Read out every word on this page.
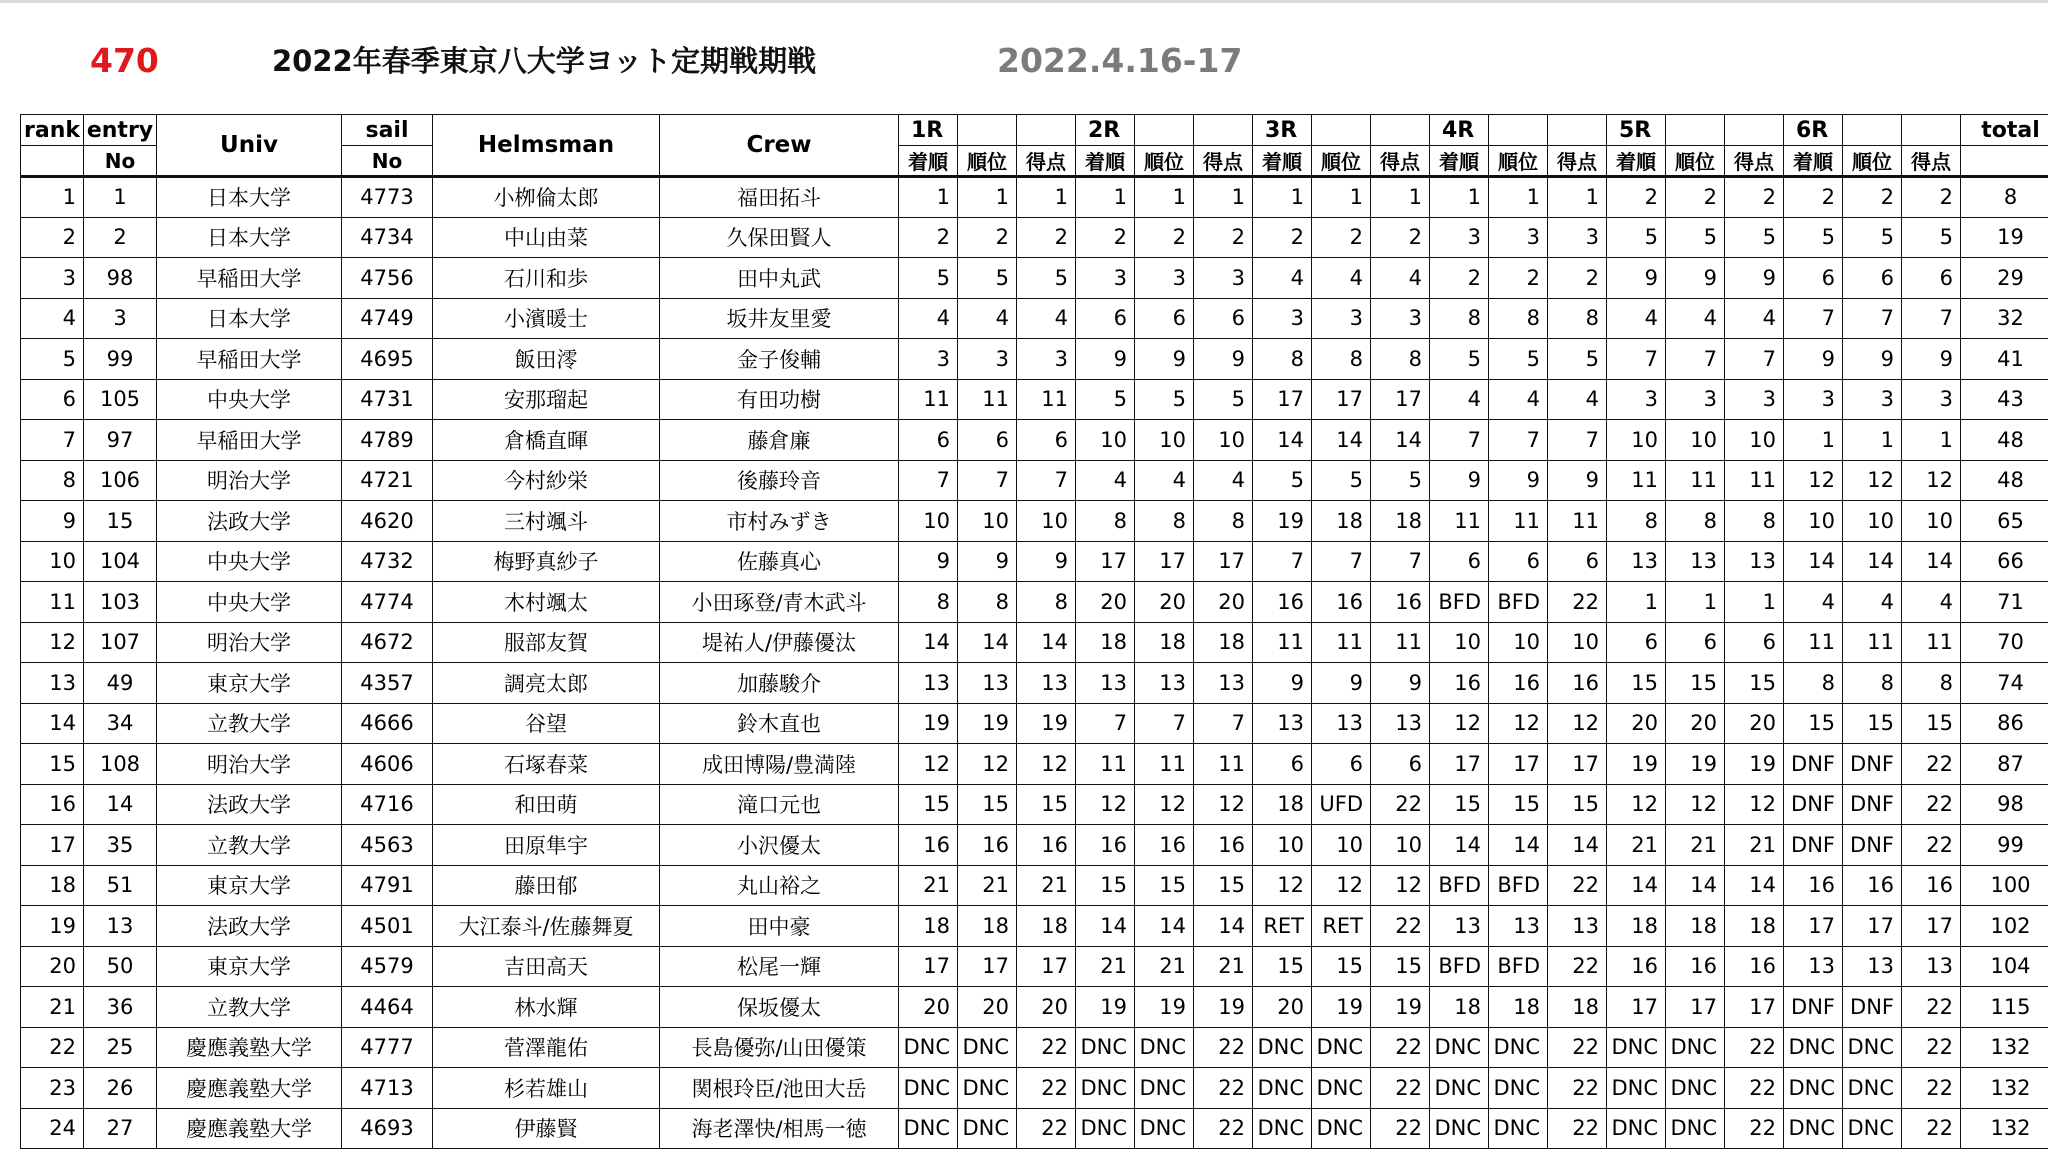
470	2022年春季東京八大学ヨット定期戦期戦	2022.4.16-17
rank	entry	Univ	sail	Helmsman	Crew	1R			2R			3R			4R			5R			6R			total
	No		No			着順	順位	得点	着順	順位	得点	着順	順位	得点	着順	順位	得点	着順	順位	得点	着順	順位	得点	
1	1	日本大学	4773	小栁倫太郎	福田拓斗	1	1	1	1	1	1	1	1	1	1	1	1	2	2	2	2	2	2	8
2	2	日本大学	4734	中山由菜	久保田賢人	2	2	2	2	2	2	2	2	2	3	3	3	5	5	5	5	5	5	19
3	98	早稲田大学	4756	石川和歩	田中丸武	5	5	5	3	3	3	4	4	4	2	2	2	9	9	9	6	6	6	29
4	3	日本大学	4749	小濱暖士	坂井友里愛	4	4	4	6	6	6	3	3	3	8	8	8	4	4	4	7	7	7	32
5	99	早稲田大学	4695	飯田澪	金子俊輔	3	3	3	9	9	9	8	8	8	5	5	5	7	7	7	9	9	9	41
6	105	中央大学	4731	安那瑠起	有田功樹	11	11	11	5	5	5	17	17	17	4	4	4	3	3	3	3	3	3	43
7	97	早稲田大学	4789	倉橋直暉	藤倉廉	6	6	6	10	10	10	14	14	14	7	7	7	10	10	10	1	1	1	48
8	106	明治大学	4721	今村紗栄	後藤玲音	7	7	7	4	4	4	5	5	5	9	9	9	11	11	11	12	12	12	48
9	15	法政大学	4620	三村颯斗	市村みずき	10	10	10	8	8	8	19	18	18	11	11	11	8	8	8	10	10	10	65
10	104	中央大学	4732	梅野真紗子	佐藤真心	9	9	9	17	17	17	7	7	7	6	6	6	13	13	13	14	14	14	66
11	103	中央大学	4774	木村颯太	小田琢登/青木武斗	8	8	8	20	20	20	16	16	16	BFD	BFD	22	1	1	1	4	4	4	71
12	107	明治大学	4672	服部友賀	堤祐人/伊藤優汰	14	14	14	18	18	18	11	11	11	10	10	10	6	6	6	11	11	11	70
13	49	東京大学	4357	調亮太郎	加藤駿介	13	13	13	13	13	13	9	9	9	16	16	16	15	15	15	8	8	8	74
14	34	立教大学	4666	谷望	鈴木直也	19	19	19	7	7	7	13	13	13	12	12	12	20	20	20	15	15	15	86
15	108	明治大学	4606	石塚春菜	成田博陽/豊満陸	12	12	12	11	11	11	6	6	6	17	17	17	19	19	19	DNF	DNF	22	87
16	14	法政大学	4716	和田萌	滝口元也	15	15	15	12	12	12	18	UFD	22	15	15	15	12	12	12	DNF	DNF	22	98
17	35	立教大学	4563	田原隼宇	小沢優太	16	16	16	16	16	16	10	10	10	14	14	14	21	21	21	DNF	DNF	22	99
18	51	東京大学	4791	藤田郁	丸山裕之	21	21	21	15	15	15	12	12	12	BFD	BFD	22	14	14	14	16	16	16	100
19	13	法政大学	4501	大江泰斗/佐藤舞夏	田中豪	18	18	18	14	14	14	RET	RET	22	13	13	13	18	18	18	17	17	17	102
20	50	東京大学	4579	吉田高天	松尾一輝	17	17	17	21	21	21	15	15	15	BFD	BFD	22	16	16	16	13	13	13	104
21	36	立教大学	4464	林水輝	保坂優太	20	20	20	19	19	19	20	19	19	18	18	18	17	17	17	DNF	DNF	22	115
22	25	慶應義塾大学	4777	菅澤龍佑	長島優弥/山田優策	DNC	DNC	22	DNC	DNC	22	DNC	DNC	22	DNC	DNC	22	DNC	DNC	22	DNC	DNC	22	132
23	26	慶應義塾大学	4713	杉若雄山	関根玲臣/池田大岳	DNC	DNC	22	DNC	DNC	22	DNC	DNC	22	DNC	DNC	22	DNC	DNC	22	DNC	DNC	22	132
24	27	慶應義塾大学	4693	伊藤賢	海老澤快/相馬一徳	DNC	DNC	22	DNC	DNC	22	DNC	DNC	22	DNC	DNC	22	DNC	DNC	22	DNC	DNC	22	132
